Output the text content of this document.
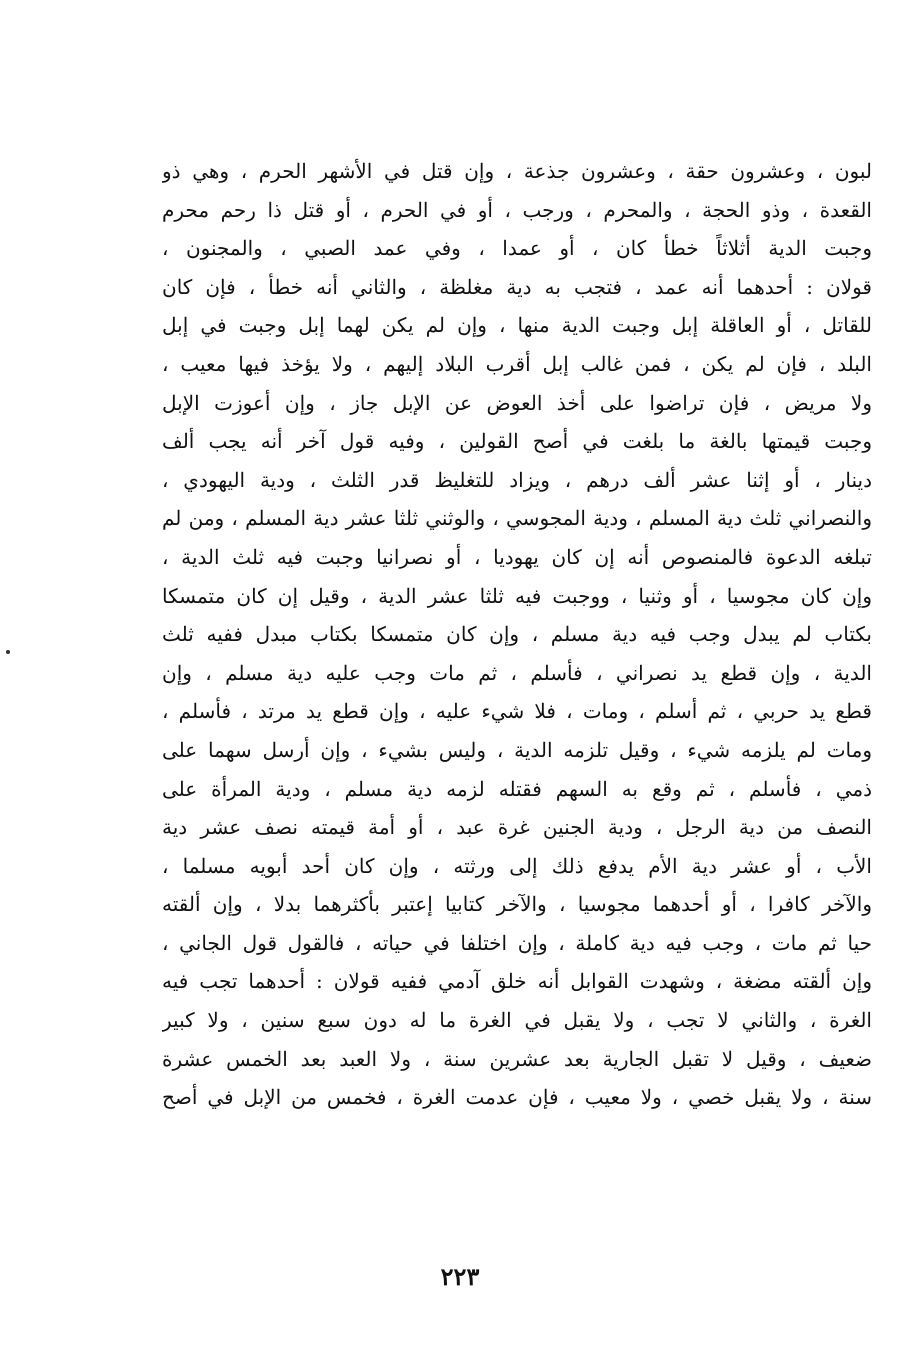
لبون ، وعشرون حقة ، وعشرون جذعة ، وإن قتل في الأشهر الحرم ، وهي ذو
القعدة ، وذو الحجة ، والمحرم ، ورجب ، أو في الحرم ، أو قتل ذا رحم محرم
وجبت الدية أثلاثاً خطأ كان ، أو عمدا ، وفي عمد الصبي ، والمجنون ،
قولان : أحدهما أنه عمد ، فتجب به دية مغلظة ، والثاني أنه خطأ ، فإن كان
للقاتل ، أو العاقلة إبل وجبت الدية منها ، وإن لم يكن لهما إبل وجبت في إبل
البلد ، فإن لم يكن ، فمن غالب إبل أقرب البلاد إليهم ، ولا يؤخذ فيها معيب ،
ولا مريض ، فإن تراضوا على أخذ العوض عن الإبل جاز ، وإن أعوزت الإبل
وجبت قيمتها بالغة ما بلغت في أصح القولين ، وفيه قول آخر أنه يجب ألف
دينار ، أو إثنا عشر ألف درهم ، ويزاد للتغليظ قدر الثلث ، ودية اليهودي ،
والنصراني ثلث دية المسلم ، ودية المجوسي ، والوثني ثلثا عشر دية المسلم ، ومن لم
تبلغه الدعوة فالمنصوص أنه إن كان يهوديا ، أو نصرانيا وجبت فيه ثلث الدية ،
وإن كان مجوسيا ، أو وثنيا ، ووجبت فيه ثلثا عشر الدية ، وقيل إن كان متمسكا
بكتاب لم يبدل وجب فيه دية مسلم ، وإن كان متمسكا بكتاب مبدل ففيه ثلث
الدية ، وإن قطع يد نصراني ، فأسلم ، ثم مات وجب عليه دية مسلم ، وإن
قطع يد حربي ، ثم أسلم ، ومات ، فلا شيء عليه ، وإن قطع يد مرتد ، فأسلم ،
ومات لم يلزمه شيء ، وقيل تلزمه الدية ، وليس بشيء ، وإن أرسل سهما على
ذمي ، فأسلم ، ثم وقع به السهم فقتله لزمه دية مسلم ، ودية المرأة على
النصف من دية الرجل ، ودية الجنين غرة عبد ، أو أمة قيمته نصف عشر دية
الأب ، أو عشر دية الأم يدفع ذلك إلى ورثته ، وإن كان أحد أبويه مسلما ،
والآخر كافرا ، أو أحدهما مجوسيا ، والآخر كتابيا إعتبر بأكثرهما بدلا ، وإن ألقته
حيا ثم مات ، وجب فيه دية كاملة ، وإن اختلفا في حياته ، فالقول قول الجاني ،
وإن ألقته مضغة ، وشهدت القوابل أنه خلق آدمي ففيه قولان : أحدهما تجب فيه
الغرة ، والثاني لا تجب ، ولا يقبل في الغرة ما له دون سبع سنين ، ولا كبير
ضعيف ، وقيل لا تقبل الجارية بعد عشرين سنة ، ولا العبد بعد الخمس عشرة
سنة ، ولا يقبل خصي ، ولا معيب ، فإن عدمت الغرة ، فخمس من الإبل في أصح
٢٢٣
